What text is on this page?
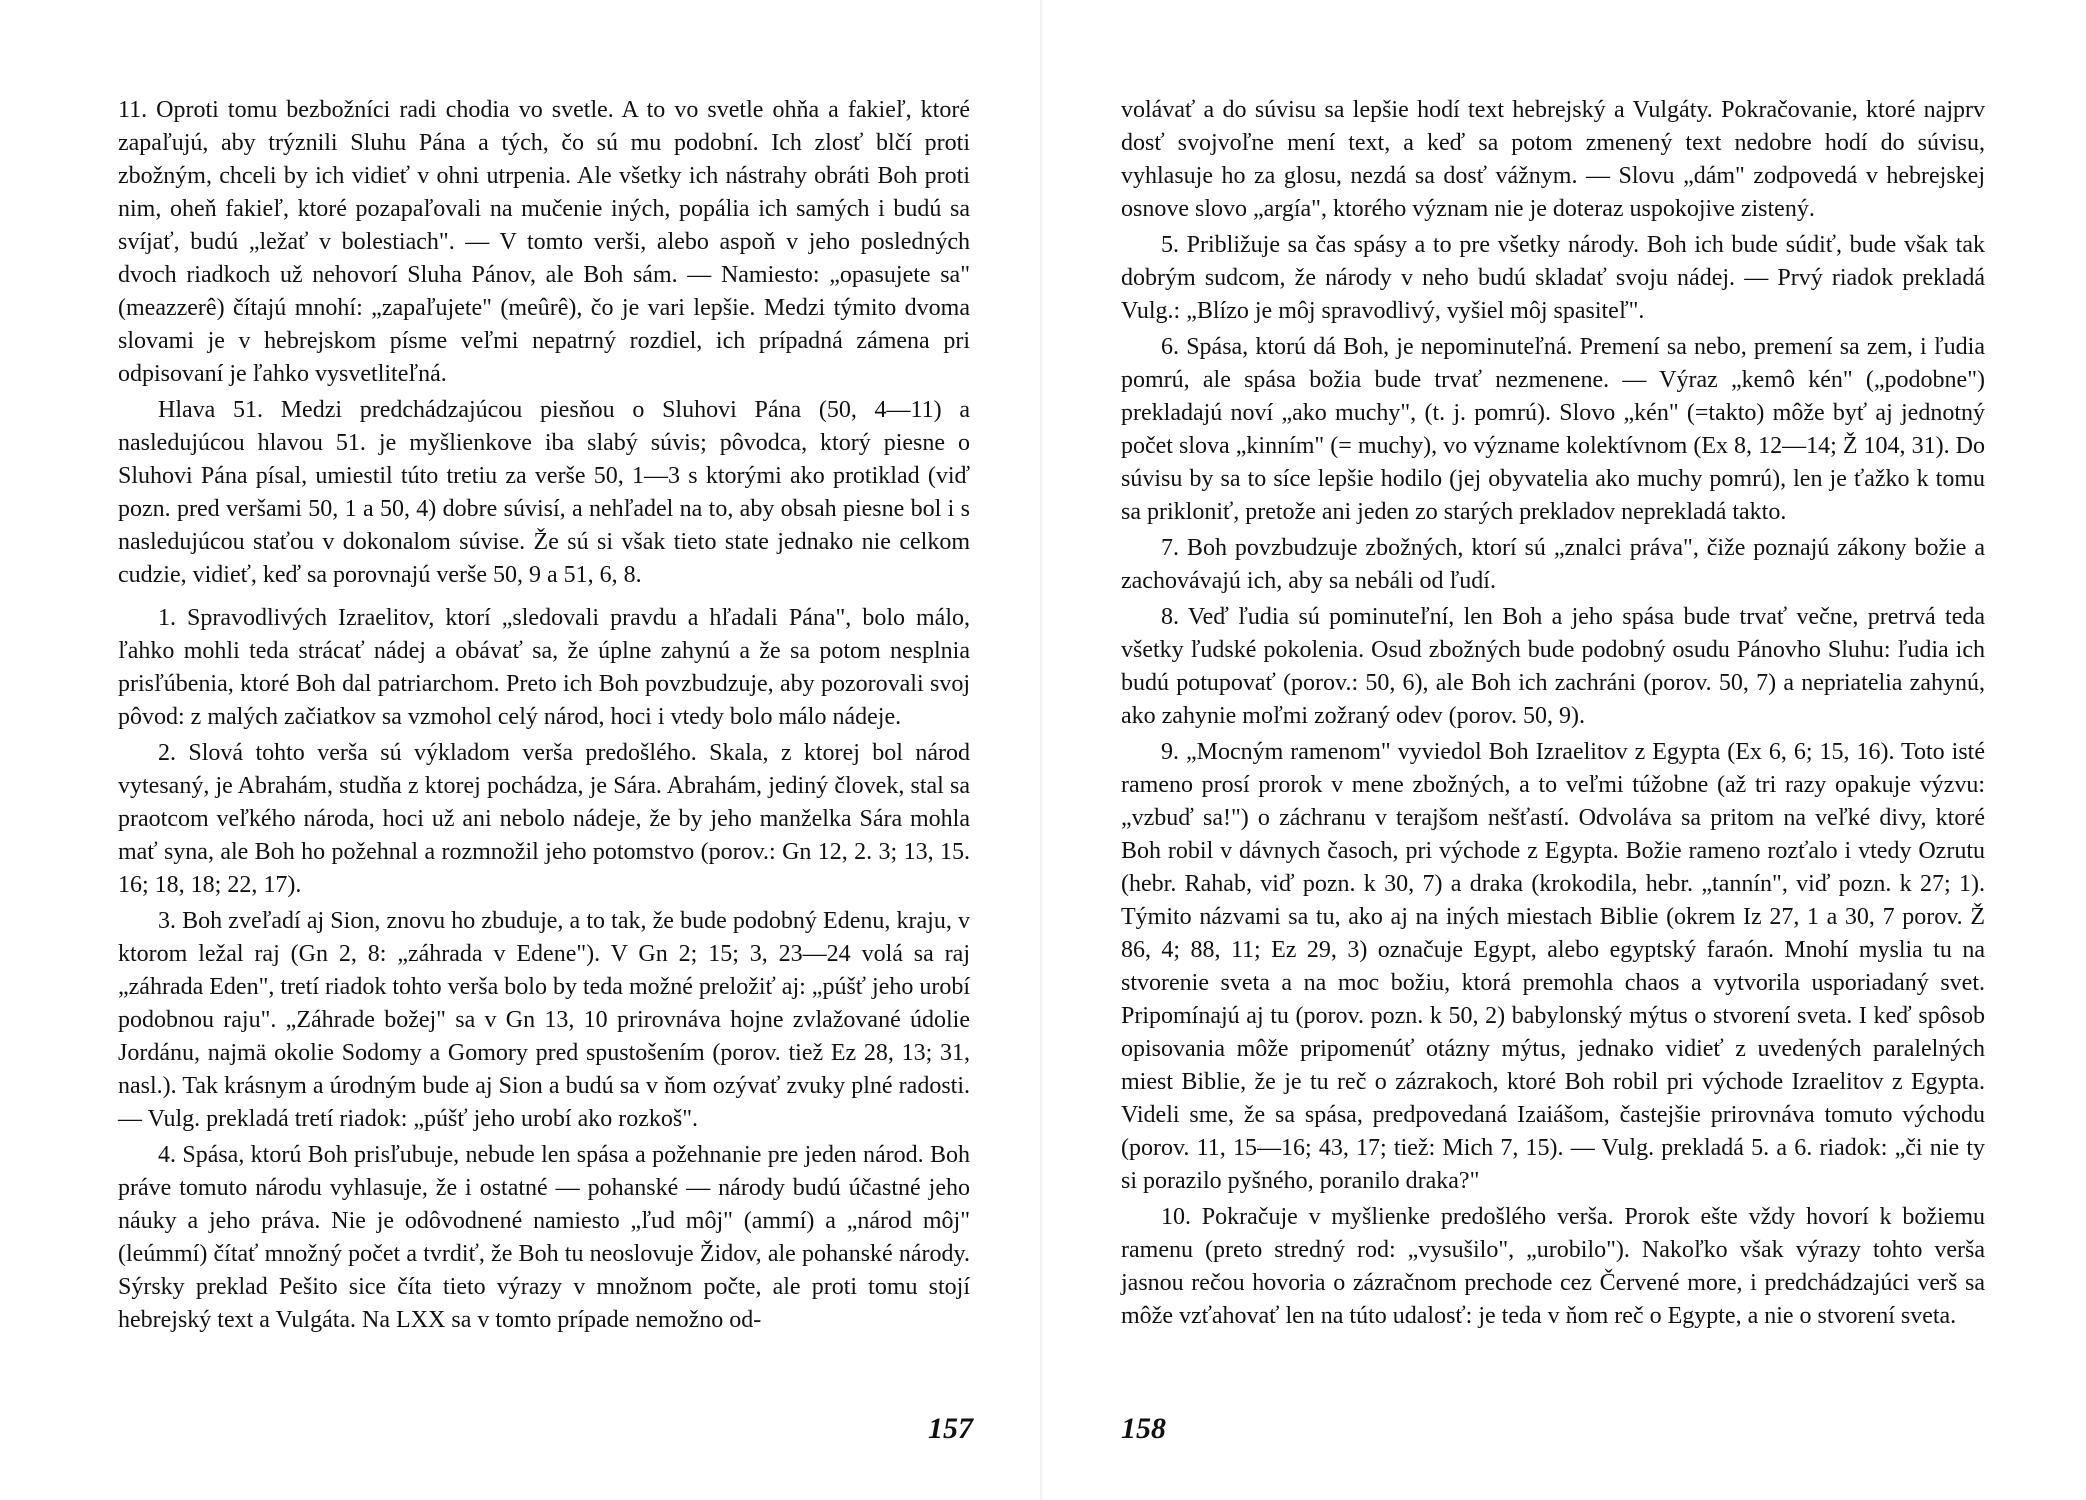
11. Oproti tomu bezbožníci radi chodia vo svetle. A to vo svetle ohňa a fakieľ, ktoré zapaľujú, aby trýznili Sluhu Pána a tých, čo sú mu podobní. Ich zlosť blčí proti zbožným, chceli by ich vidieť v ohni utrpenia. Ale všetky ich nástrahy obráti Boh proti nim, oheň fakieľ, ktoré pozapaľovali na mučenie iných, popália ich samých i budú sa svíjať, budú „ležať v bolestiach". — V tomto verši, alebo aspoň v jeho posledných dvoch riadkoch už nehovorí Sluha Pánov, ale Boh sám. — Namiesto: „opasujete sa" (meazzerê) čítajú mnohí: „zapaľujete" (meûrê), čo je vari lepšie. Medzi týmito dvoma slovami je v hebrejskom písme veľmi nepatrný rozdiel, ich prípadná zámena pri odpisovaní je ľahko vysvetliteľná.

Hlava 51. Medzi predchádzajúcou piesňou o Sluhovi Pána (50, 4—11) a nasledujúcou hlavou 51. je myšlienkove iba slabý súvis; pôvodca, ktorý piesne o Sluhovi Pána písal, umiestil túto tretiu za verše 50, 1—3 s ktorými ako protiklad (viď pozn. pred veršami 50, 1 a 50, 4) dobre súvisí, a nehľadel na to, aby obsah piesne bol i s nasledujúcou staťou v dokonalom súvise. Že sú si však tieto state jednako nie celkom cudzie, vidieť, keď sa porovnajú verše 50, 9 a 51, 6, 8.

1. Spravodlivých Izraelitov, ktorí „sledovali pravdu a hľadali Pána", bolo málo, ľahko mohli teda strácať nádej a obávať sa, že úplne zahynú a že sa potom nesplnia prisľúbenia, ktoré Boh dal patriarchom. Preto ich Boh povzbudzuje, aby pozorovali svoj pôvod: z malých začiatkov sa vzmohol celý národ, hoci i vtedy bolo málo nádeje.

2. Slová tohto verša sú výkladom verša predošlého. Skala, z ktorej bol národ vytesaný, je Abrahám, studňa z ktorej pochádza, je Sára. Abrahám, jediný človek, stal sa praotcom veľkého národa, hoci už ani nebolo nádeje, že by jeho manželka Sára mohla mať syna, ale Boh ho požehnal a rozmnožil jeho potomstvo (porov.: Gn 12, 2. 3; 13, 15. 16; 18, 18; 22, 17).

3. Boh zveľadí aj Sion, znovu ho zbuduje, a to tak, že bude podobný Edenu, kraju, v ktorom ležal raj (Gn 2, 8: „záhrada v Edene"). V Gn 2; 15; 3, 23—24 volá sa raj „záhrada Eden", tretí riadok tohto verša bolo by teda možné preložiť aj: „púšť jeho urobí podobnou raju". „Záhrade božej" sa v Gn 13, 10 prirovnáva hojne zvlažované údolie Jordánu, najmä okolie Sodomy a Gomory pred spustošením (porov. tiež Ez 28, 13; 31, nasl.). Tak krásnym a úrodným bude aj Sion a budú sa v ňom ozývať zvuky plné radosti. — Vulg. prekladá tretí riadok: „púšť jeho urobí ako rozkoš".

4. Spása, ktorú Boh prisľubuje, nebude len spása a požehnanie pre jeden národ. Boh práve tomuto národu vyhlasuje, že i ostatné — pohanské — národy budú účastné jeho náuky a jeho práva. Nie je odôvodnené namiesto „ľud môj" (ammí) a „národ môj" (leúmmí) čítať množný počet a tvrdiť, že Boh tu neoslovuje Židov, ale pohanské národy. Sýrsky preklad Pešito sice číta tieto výrazy v množnom počte, ale proti tomu stojí hebrejský text a Vulgáta. Na LXX sa v tomto prípade nemožno od-

157

volávať a do súvisu sa lepšie hodí text hebrejský a Vulgáty. Pokračovanie, ktoré najprv dosť svojvoľne mení text, a keď sa potom zmenený text nedobre hodí do súvisu, vyhlasuje ho za glosu, nezdá sa dosť vážnym. — Slovu „dám" zodpovedá v hebrejskej osnove slovo „argía", ktorého význam nie je doteraz uspokojive zistený.

5. Približuje sa čas spásy a to pre všetky národy. Boh ich bude súdiť, bude však tak dobrým sudcom, že národy v neho budú skladať svoju nádej. — Prvý riadok prekladá Vulg.: „Blízo je môj spravodlivý, vyšiel môj spasiteľ".

6. Spása, ktorú dá Boh, je nepominuteľná. Premení sa nebo, premení sa zem, i ľudia pomrú, ale spása božia bude trvať nezmenene. — Výraz „kemô kén" („podobne") prekladajú noví „ako muchy", (t. j. pomrú). Slovo „kén" (=takto) môže byť aj jednotný počet slova „kinním" (= muchy), vo význame kolektívnom (Ex 8, 12—14; Ž 104, 31). Do súvisu by sa to síce lepšie hodilo (jej obyvatelia ako muchy pomrú), len je ťažko k tomu sa prikloniť, pretože ani jeden zo starých prekladov neprekladá takto.

7. Boh povzbudzuje zbožných, ktorí sú „znalci práva", čiže poznajú zákony božie a zachovávajú ich, aby sa nebáli od ľudí.

8. Veď ľudia sú pominuteľní, len Boh a jeho spása bude trvať večne, pretrvá teda všetky ľudské pokolenia. Osud zbožných bude podobný osudu Pánovho Sluhu: ľudia ich budú potupovať (porov.: 50, 6), ale Boh ich zachráni (porov. 50, 7) a nepriatelia zahynú, ako zahynie moľmi zožraný odev (porov. 50, 9).

9. „Mocným ramenom" vyviedol Boh Izraelitov z Egypta (Ex 6, 6; 15, 16). Toto isté rameno prosí prorok v mene zbožných, a to veľmi túžobne (až tri razy opakuje výzvu: „vzbuď sa!") o záchranu v terajšom nešťastí. Odvoláva sa pritom na veľké divy, ktoré Boh robil v dávnych časoch, pri východe z Egypta. Božie rameno rozťalo i vtedy Ozrutu (hebr. Rahab, viď pozn. k 30, 7) a draka (krokodila, hebr. „tannín", viď pozn. k 27; 1). Týmito názvami sa tu, ako aj na iných miestach Biblie (okrem Iz 27, 1 a 30, 7 porov. Ž 86, 4; 88, 11; Ez 29, 3) označuje Egypt, alebo egyptský faraón. Mnohí myslia tu na stvorenie sveta a na moc božiu, ktorá premohla chaos a vytvorila usporiadaný svet. Pripomínajú aj tu (porov. pozn. k 50, 2) babylonský mýtus o stvorení sveta. I keď spôsob opisovania môže pripomenúť otázny mýtus, jednako vidieť z uvedených paralelných miest Biblie, že je tu reč o zázrakoch, ktoré Boh robil pri východe Izraelitov z Egypta. Videli sme, že sa spása, predpovedaná Izaiášom, častejšie prirovnáva tomuto východu (porov. 11, 15—16; 43, 17; tiež: Mich 7, 15). — Vulg. prekladá 5. a 6. riadok: „či nie ty si porazilo pyšného, poranilo draka?"

10. Pokračuje v myšlienke predošlého verša. Prorok ešte vždy hovorí k božiemu ramenu (preto stredný rod: „vysušilo", „urobilo"). Nakoľko však výrazy tohto verša jasnou rečou hovoria o zázračnom prechode cez Červené more, i predchádzajúci verš sa môže vzťahovať len na túto udalosť: je teda v ňom reč o Egypte, a nie o stvorení sveta.

158
